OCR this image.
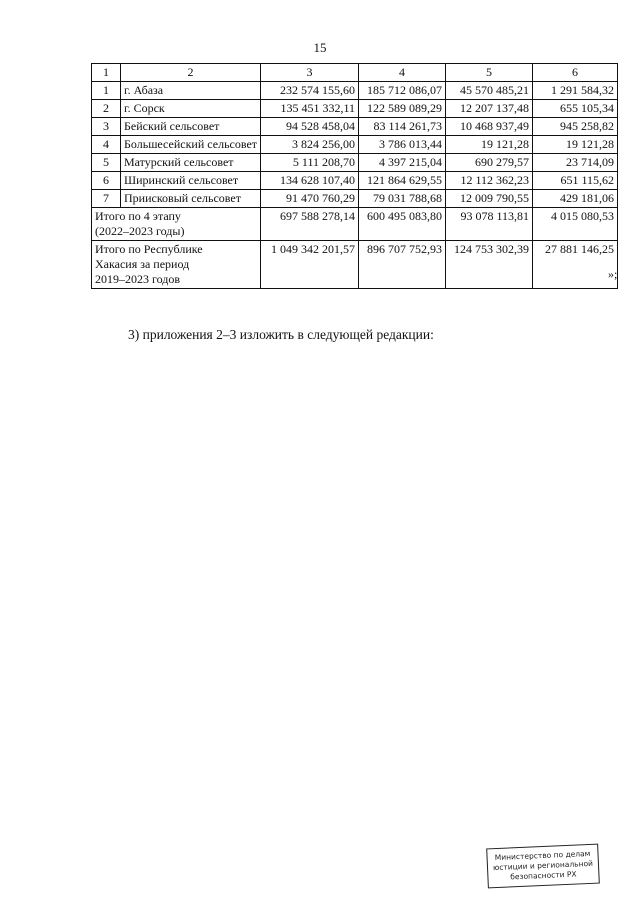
15
1	2	3	4	5	6
1	г. Абаза	232 574 155,60	185 712 086,07	45 570 485,21	1 291 584,32
2	г. Сорск	135 451 332,11	122 589 089,29	12 207 137,48	655 105,34
3	Бейский сельсовет	94 528 458,04	83 114 261,73	10 468 937,49	945 258,82
4	Большесейский сельсовет	3 824 256,00	3 786 013,44	19 121,28	19 121,28
5	Матурский сельсовет	5 111 208,70	4 397 215,04	690 279,57	23 714,09
6	Ширинский сельсовет	134 628 107,40	121 864 629,55	12 112 362,23	651 115,62
7	Приисковый сельсовет	91 470 760,29	79 031 788,68	12 009 790,55	429 181,06
Итого по 4 этапу
(2022–2023 годы)		697 588 278,14	600 495 083,80	93 078 113,81	4 015 080,53
Итого по Республике
Хакасия за период
2019–2023 годов		1 049 342 201,57	896 707 752,93	124 753 302,39	27 881 146,25
»;
3) приложения 2–3 изложить в следующей редакции:
Министерство по делам
юстиции и региональной
безопасности РХ
